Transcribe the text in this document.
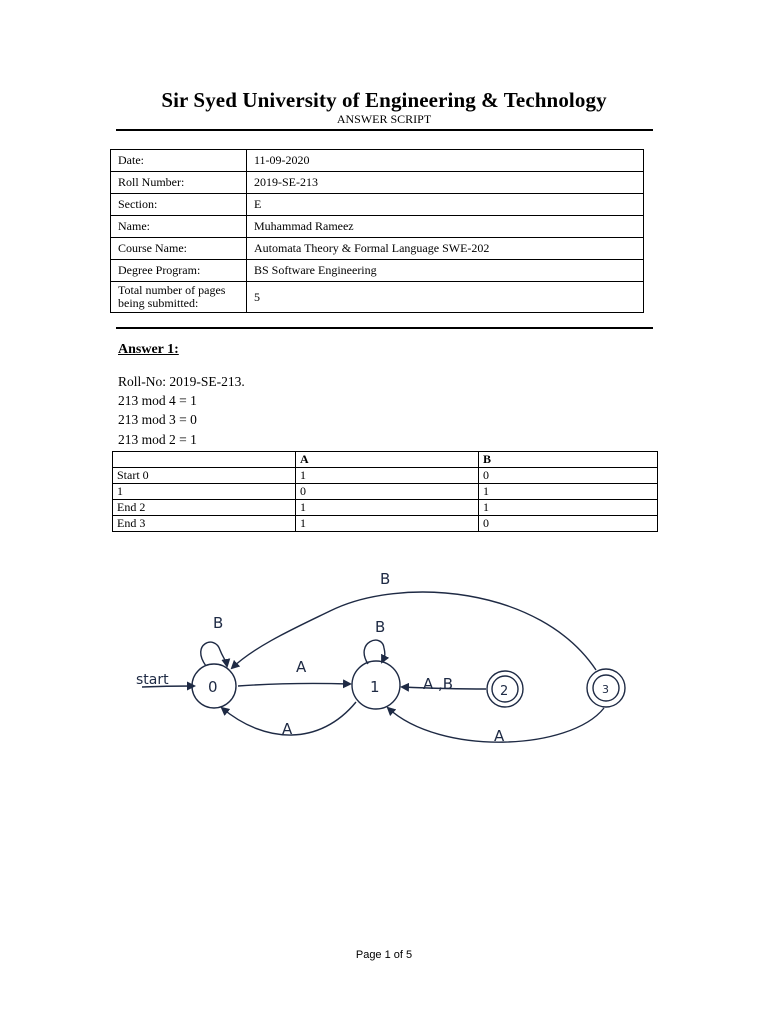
Sir Syed University of Engineering & Technology
ANSWER SCRIPT
Date:	11-09-2020
Roll Number:	2019-SE-213
Section:	E
Name:	Muhammad Rameez
Course Name:	Automata Theory & Formal Language SWE-202
Degree Program:	BS Software Engineering
Total number of pages being submitted:	5
Answer 1:
Roll-No: 2019-SE-213.
213 mod 4 = 1
213 mod 3 = 0
213 mod 2 = 1
	A	B
Start 0	1	0
1	0	1
End 2	1	1
End 3	1	0
start	0	1	2	3
B	B
A
A
A ,B
A
B
Page 1 of 5
